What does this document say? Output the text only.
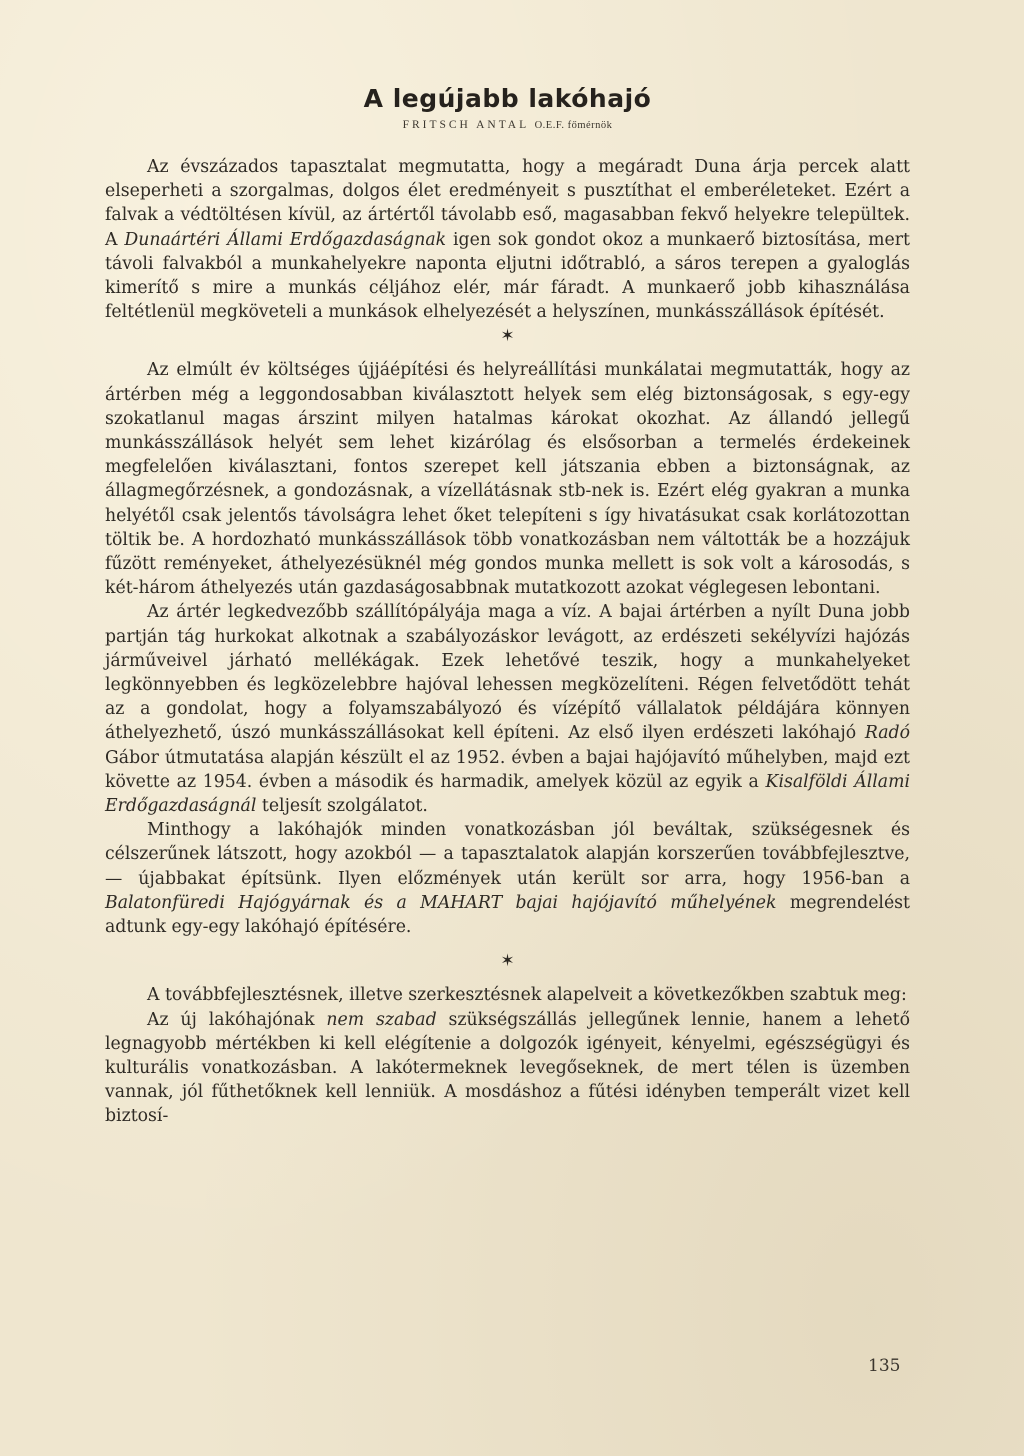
A legújabb lakóhajó
FRITSCH ANTAL O.E.F. főmérnök

Az évszázados tapasztalat megmutatta, hogy a megáradt Duna árja percek alatt elseperheti a szorgalmas, dolgos élet eredményeit s pusztíthat el emberéleteket. Ezért a falvak a védtöltésen kívül, az ártértől távolabb eső, magasabban fekvő helyekre települtek. A Dunaártéri Állami Erdőgazdaságnak igen sok gondot okoz a munkaerő biztosítása, mert távoli falvakból a munkahelyekre naponta eljutni időtrabló, a sáros terepen a gyaloglás kimerítő s mire a munkás céljához elér, már fáradt. A munkaerő jobb kihasználása feltétlenül megköveteli a munkások elhelyezését a helyszínen, munkásszállások építését.

✶

Az elmúlt év költséges újjáépítési és helyreállítási munkálatai megmutatták, hogy az ártérben még a leggondosabban kiválasztott helyek sem elég biztonságosak, s egy-egy szokatlanul magas árszint milyen hatalmas károkat okozhat. Az állandó jellegű munkásszállások helyét sem lehet kizárólag és elsősorban a termelés érdekeinek megfelelően kiválasztani, fontos szerepet kell játszania ebben a biztonságnak, az állagmegőrzésnek, a gondozásnak, a vízellátásnak stb-nek is. Ezért elég gyakran a munka helyétől csak jelentős távolságra lehet őket telepíteni s így hivatásukat csak korlátozottan töltik be. A hordozható munkásszállások több vonatkozásban nem váltották be a hozzájuk fűzött reményeket, áthelyezésüknél még gondos munka mellett is sok volt a károsodás, s két-három áthelyezés után gazdaságosabbnak mutatkozott azokat véglegesen lebontani.

Az ártér legkedvezőbb szállítópályája maga a víz. A bajai ártérben a nyílt Duna jobb partján tág hurkokat alkotnak a szabályozáskor levágott, az erdészeti sekélyvízi hajózás járműveivel járható mellékágak. Ezek lehetővé teszik, hogy a munkahelyeket legkönnyebben és legközelebbre hajóval lehessen megközelíteni. Régen felvetődött tehát az a gondolat, hogy a folyamszabályozó és vízépítő vállalatok példájára könnyen áthelyezhető, úszó munkásszállásokat kell építeni. Az első ilyen erdészeti lakóhajó Radó Gábor útmutatása alapján készült el az 1952. évben a bajai hajójavító műhelyben, majd ezt követte az 1954. évben a második és harmadik, amelyek közül az egyik a Kisalföldi Állami Erdőgazdaságnál teljesít szolgálatot.

Minthogy a lakóhajók minden vonatkozásban jól beváltak, szükségesnek és célszerűnek látszott, hogy azokból — a tapasztalatok alapján korszerűen továbbfejlesztve, — újabbakat építsünk. Ilyen előzmények után került sor arra, hogy 1956-ban a Balatonfüredi Hajógyárnak és a MAHART bajai hajójavító műhelyének megrendelést adtunk egy-egy lakóhajó építésére.

✶

A továbbfejlesztésnek, illetve szerkesztésnek alapelveit a következőkben szabtuk meg:

Az új lakóhajónak nem szabad szükségszállás jellegűnek lennie, hanem a lehető legnagyobb mértékben ki kell elégítenie a dolgozók igényeit, kényelmi, egészségügyi és kulturális vonatkozásban. A lakótermeknek levegőseknek, de mert télen is üzemben vannak, jól fűthetőknek kell lenniük. A mosdáshoz a fűtési idényben temperált vizet kell biztosí-

135
